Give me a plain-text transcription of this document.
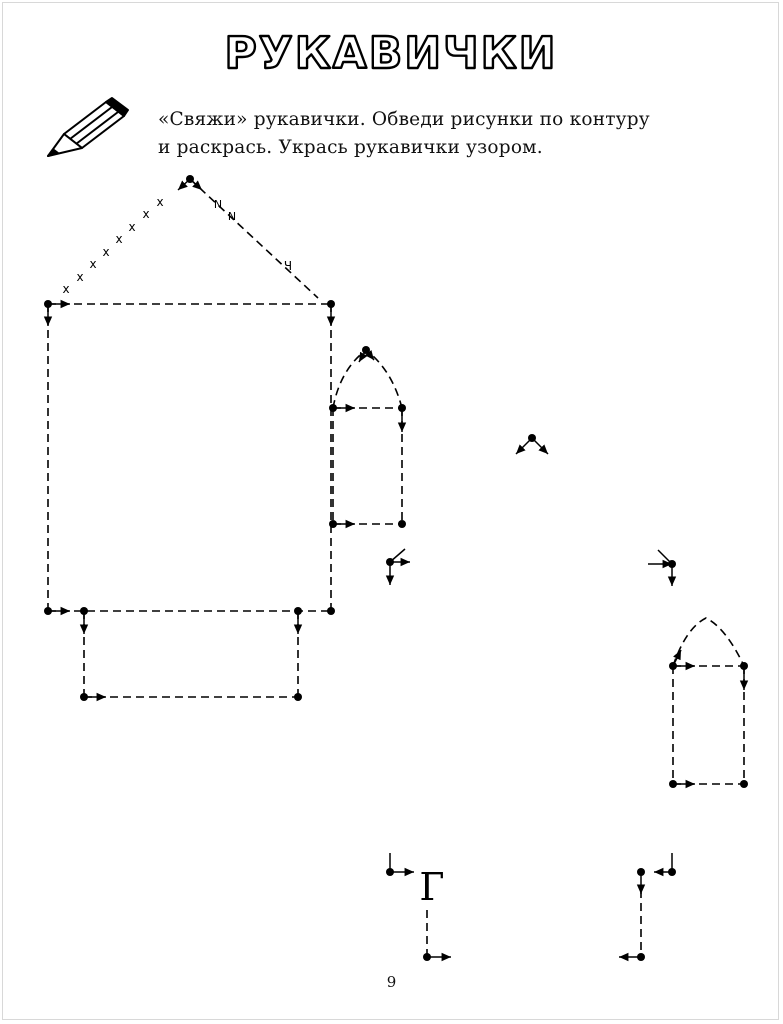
РУКАВИЧКИ
«Свяжи» рукавички. Обведи рисунки по контуру
и раскрась. Укрась рукавички узором.
x
x
x
x
x
x
x
x	N
N
Ч
Г
9
